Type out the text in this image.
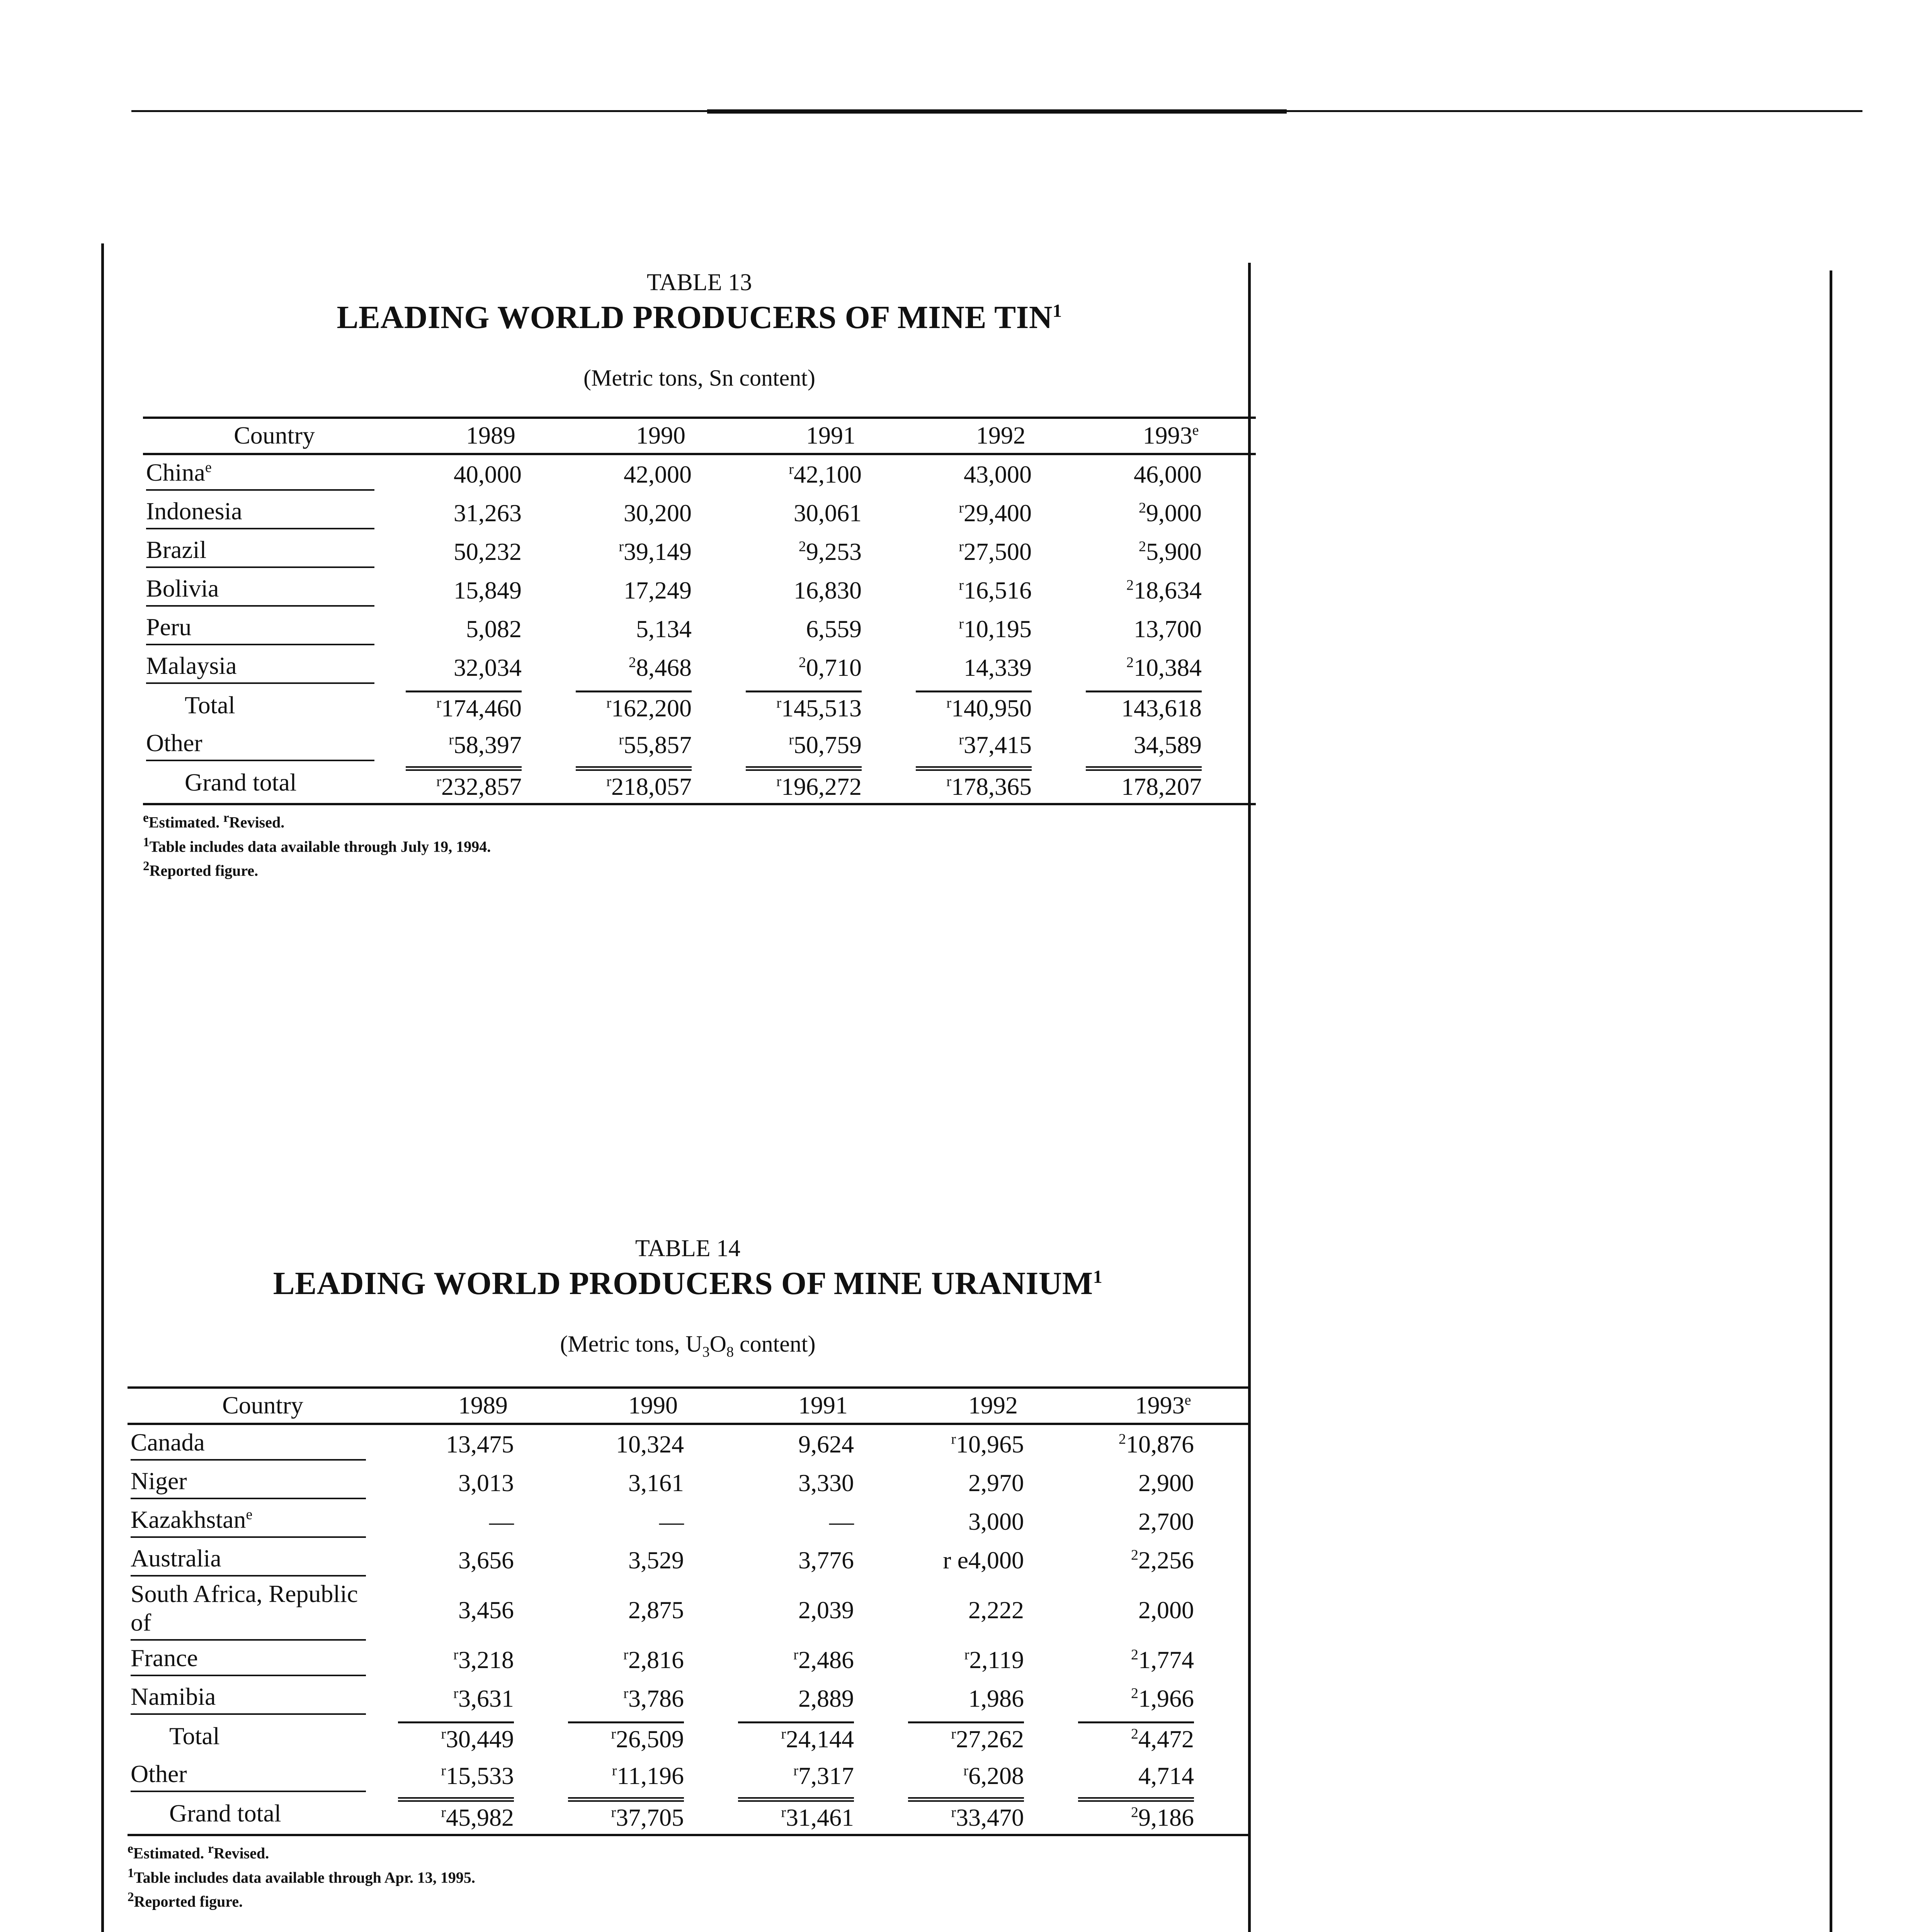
TABLE 13
LEADING WORLD PRODUCERS OF MINE TIN$^1$
(Metric tons, Sn content)
Country	1989	1990	1991	1992	1993e
China$^e$	40,000	42,000	$^r$42,100	43,000	46,000
Indonesia	31,263	30,200	30,061	$^r$29,400	$^2$9,000
Brazil	50,232	$^r$39,149	$^2$9,253	$^r$27,500	$^2$5,900
Bolivia	15,849	17,249	16,830	$^r$16,516	$^2$18,634
Peru	5,082	5,134	6,559	$^r$10,195	13,700
Malaysia	32,034	$^2$8,468	$^2$0,710	14,339	$^2$10,384
Total	$^r$174,460	$^r$162,200	$^r$145,513	$^r$140,950	143,618
Other	$^r$58,397	$^r$55,857	$^r$50,759	$^r$37,415	34,589
Grand total	$^r$232,857	$^r$218,057	$^r$196,272	$^r$178,365	178,207
$^e$Estimated. $^r$Revised.
$^1$Table includes data available through July 19, 1994.
$^2$Reported figure.
TABLE 14
LEADING WORLD PRODUCERS OF MINE URANIUM$^1$
(Metric tons, $U_3O_8$ content)
Country	1989	1990	1991	1992	1993e
Canada	13,475	10,324	9,624	$^r$10,965	$^2$10,876
Niger	3,013	3,161	3,330	2,970	2,900
Kazakhstan$^e$	—	—	—	3,000	2,700
Australia	3,656	3,529	3,776	r e4,000	$^2$2,256
South Africa, Republic of	3,456	2,875	2,039	2,222	2,000
France	$^r$3,218	$^r$2,816	$^r$2,486	$^r$2,119	$^2$1,774
Namibia	$^r$3,631	$^r$3,786	2,889	1,986	$^2$1,966
Total	$^r$30,449	$^r$26,509	$^r$24,144	$^r$27,262	$^2$4,472
Other	$^r$15,533	$^r$11,196	$^r$7,317	$^r$6,208	4,714
Grand total	$^r$45,982	$^r$37,705	$^r$31,461	$^r$33,470	$^2$9,186
$^e$Estimated. $^r$Revised.
$^1$Table includes data available through Apr. 13, 1995.
$^2$Reported figure.
